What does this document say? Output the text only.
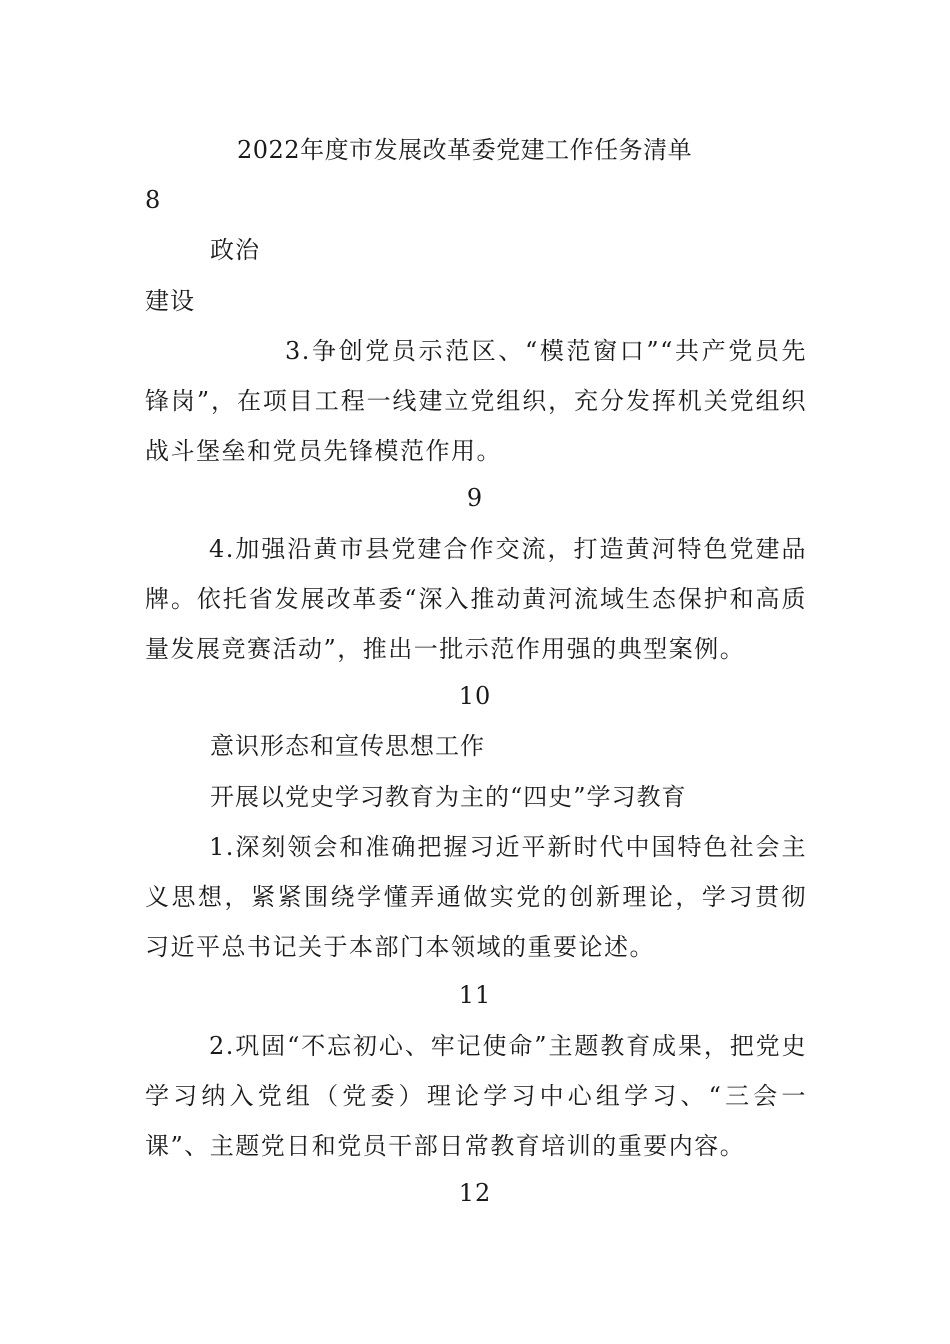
2022年度市发展改革委党建工作任务清单
8
政治
建设
3.争创党员示范区、“模范窗口”“共产党员先锋岗”，在项目工程一线建立党组织，充分发挥机关党组织战斗堡垒和党员先锋模范作用。
9
4.加强沿黄市县党建合作交流，打造黄河特色党建品牌。依托省发展改革委“深入推动黄河流域生态保护和高质量发展竞赛活动”，推出一批示范作用强的典型案例。
10
意识形态和宣传思想工作
开展以党史学习教育为主的“四史”学习教育
1.深刻领会和准确把握习近平新时代中国特色社会主义思想，紧紧围绕学懂弄通做实党的创新理论，学习贯彻习近平总书记关于本部门本领域的重要论述。
11
2.巩固“不忘初心、牢记使命”主题教育成果，把党史学习纳入党组（党委）理论学习中心组学习、“三会一课”、主题党日和党员干部日常教育培训的重要内容。
12
